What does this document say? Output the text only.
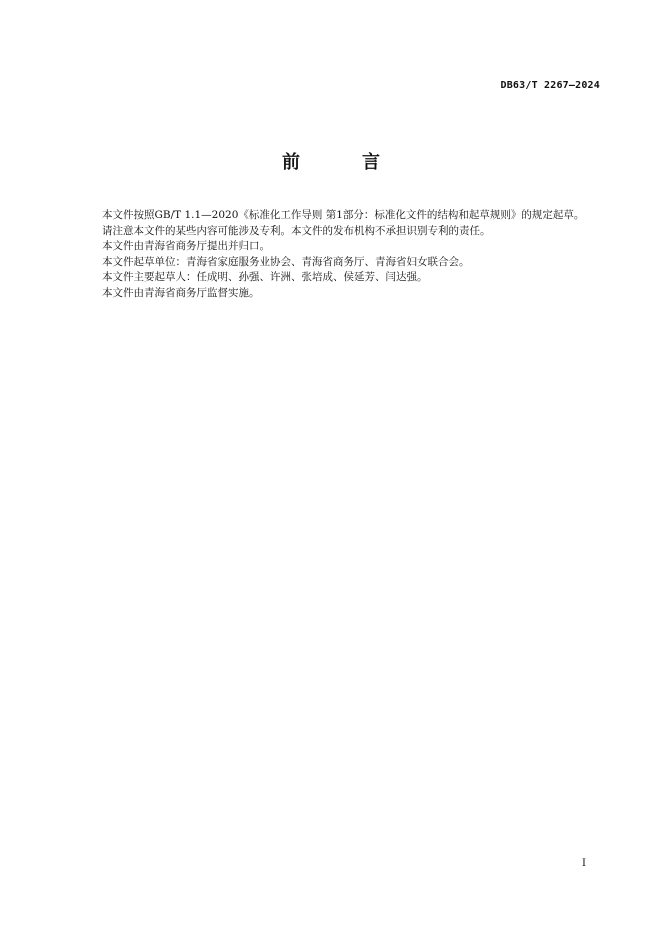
DB63/T 2267—2024
前　言

本文件按照GB/T 1.1—2020《标准化工作导则 第1部分：标准化文件的结构和起草规则》的规定起草。

请注意本文件的某些内容可能涉及专利。本文件的发布机构不承担识别专利的责任。

本文件由青海省商务厅提出并归口。

本文件起草单位：青海省家庭服务业协会、青海省商务厅、青海省妇女联合会。

本文件主要起草人：任成明、孙强、许洲、张培成、侯延芳、闫达强。

本文件由青海省商务厅监督实施。

I
